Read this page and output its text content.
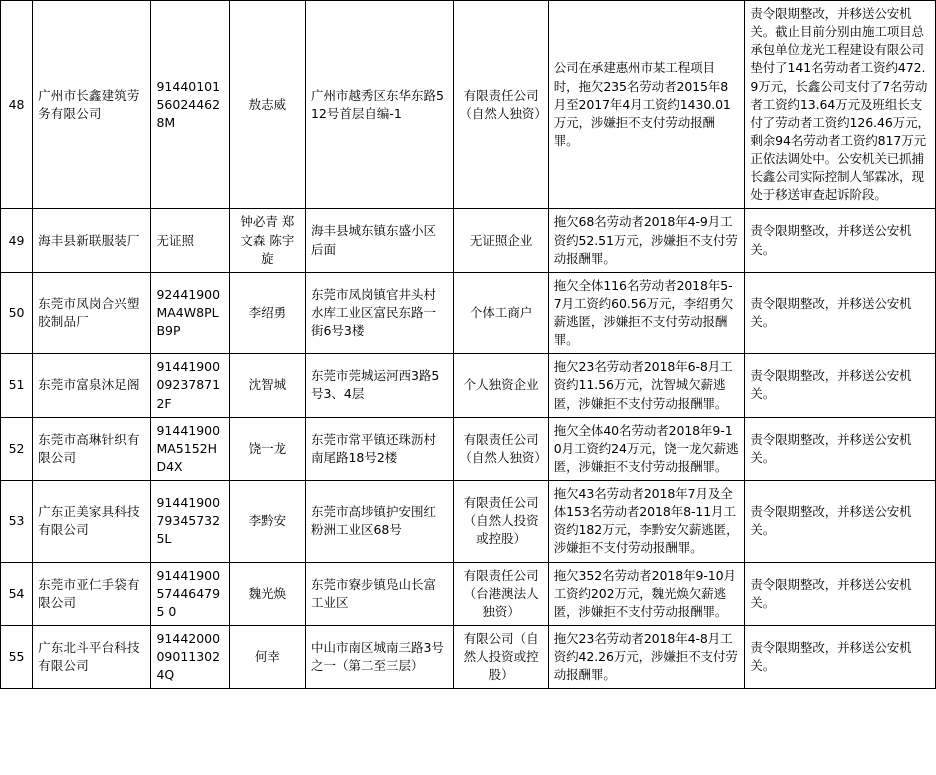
48	广州市长鑫建筑劳务有限公司	91440101560244628M	敖志威	广州市越秀区东华东路512号首层自编-1	有限责任公司（自然人独资）	公司在承建惠州市某工程项目时，拖欠235名劳动者2015年8月至2017年4月工资约1430.01万元，涉嫌拒不支付劳动报酬罪。	责令限期整改，并移送公安机关。截止目前分别由施工项目总承包单位龙光工程建设有限公司垫付了141名劳动者工资约472.9万元，长鑫公司支付了7名劳动者工资约13.64万元及班组长支付了劳动者工资约126.46万元，剩余94名劳动者工资约817万元正依法调处中。公安机关已抓捕长鑫公司实际控制人邹霖冰，现处于移送审查起诉阶段。
49	海丰县新联服装厂	无证照	钟必青 郑文森 陈宇旋	海丰县城东镇东盛小区后面	无证照企业	拖欠68名劳动者2018年4-9月工资约52.51万元，涉嫌拒不支付劳动报酬罪。	责令限期整改，并移送公安机关。
50	东莞市凤岗合兴塑胶制品厂	92441900MA4W8PLB9P	李绍勇	东莞市凤岗镇官井头村水库工业区富民东路一街6号3楼	个体工商户	拖欠全体116名劳动者2018年5-7月工资约60.56万元，李绍勇欠薪逃匿，涉嫌拒不支付劳动报酬罪。	责令限期整改，并移送公安机关。
51	东莞市富泉沐足阁	91441900092378712F	沈智城	东莞市莞城运河西3路5号3、4层	个人独资企业	拖欠23名劳动者2018年6-8月工资约11.56万元，沈智城欠薪逃匿，涉嫌拒不支付劳动报酬罪。	责令限期整改，并移送公安机关。
52	东莞市高琳针织有限公司	91441900MA5152HD4X	饶一龙	东莞市常平镇还珠沥村南尾路18号2楼	有限责任公司（自然人独资）	拖欠全体40名劳动者2018年9-10月工资约24万元，饶一龙欠薪逃匿，涉嫌拒不支付劳动报酬罪。	责令限期整改，并移送公安机关。
53	广东正美家具科技有限公司	91441900793457325L	李黔安	东莞市高埗镇护安围红粉洲工业区68号	有限责任公司（自然人投资或控股）	拖欠43名劳动者2018年7月及全体153名劳动者2018年8-11月工资约182万元，李黔安欠薪逃匿，涉嫌拒不支付劳动报酬罪。	责令限期整改，并移送公安机关。
54	东莞市亚仁手袋有限公司	91441900574464795 0	魏光焕	东莞市寮步镇凫山长富工业区	有限责任公司（台港澳法人独资）	拖欠352名劳动者2018年9-10月工资约202万元，魏光焕欠薪逃匿，涉嫌拒不支付劳动报酬罪。	责令限期整改，并移送公安机关。
55	广东北斗平台科技有限公司	91442000090113024Q	何幸	中山市南区城南三路3号之一（第二至三层）	有限公司（自然人投资或控股）	拖欠23名劳动者2018年4-8月工资约42.26万元，涉嫌拒不支付劳动报酬罪。	责令限期整改，并移送公安机关。
